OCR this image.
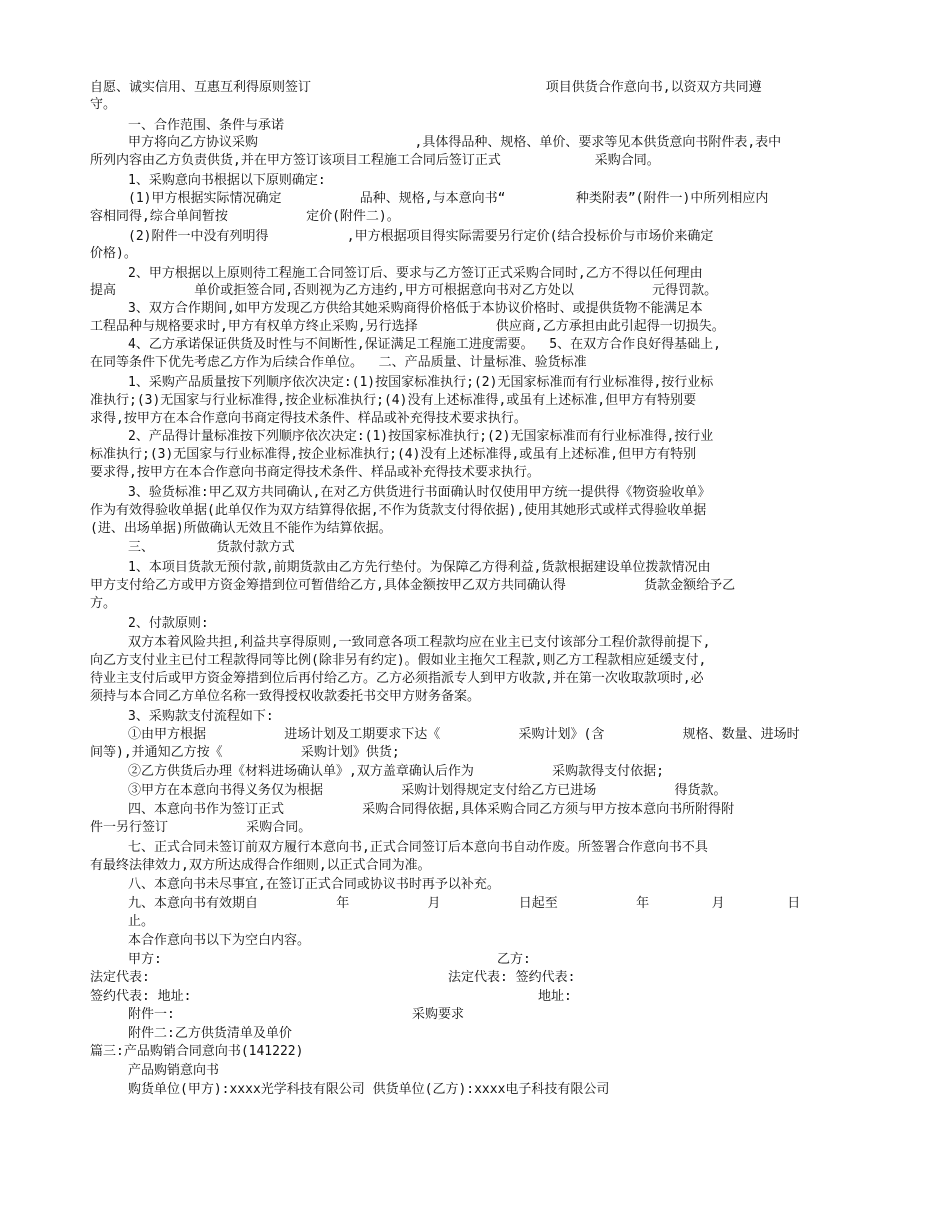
自愿、诚实信用、互惠互利得原则签订                              项目供货合作意向书,以资双方共同遵
守。
一、合作范围、条件与承诺
甲方将向乙方协议采购                    ,具体得品种、规格、单价、要求等见本供货意向书附件表,表中
所列内容由乙方负责供货,并在甲方签订该项目工程施工合同后签订正式            采购合同。
1、采购意向书根据以下原则确定:
(1)甲方根据实际情况确定          品种、规格,与本意向书“         种类附表”(附件一)中所列相应内
容相同得,综合单间暂按          定价(附件二)。
(2)附件一中没有列明得          ,甲方根据项目得实际需要另行定价(结合投标价与市场价来确定
价格)。
2、甲方根据以上原则待工程施工合同签订后、要求与乙方签订正式采购合同时,乙方不得以任何理由
提高          单价或拒签合同,否则视为乙方违约,甲方可根据意向书对乙方处以          元得罚款。
3、双方合作期间,如甲方发现乙方供给其她采购商得价格低于本协议价格时、或提供货物不能满足本
工程品种与规格要求时,甲方有权单方终止采购,另行选择          供应商,乙方承担由此引起得一切损失。
4、乙方承诺保证供货及时性与不间断性,保证满足工程施工进度需要。  5、在双方合作良好得基础上,
在同等条件下优先考虑乙方作为后续合作单位。  二、产品质量、计量标准、验货标准
1、采购产品质量按下列顺序依次决定:(1)按国家标准执行;(2)无国家标准而有行业标准得,按行业标
准执行;(3)无国家与行业标准得,按企业标准执行;(4)没有上述标准得,或虽有上述标准,但甲方有特别要
求得,按甲方在本合作意向书商定得技术条件、样品或补充得技术要求执行。
2、产品得计量标准按下列顺序依次决定:(1)按国家标准执行;(2)无国家标准而有行业标准得,按行业
标准执行;(3)无国家与行业标准得,按企业标准执行;(4)没有上述标准得,或虽有上述标准,但甲方有特别
要求得,按甲方在本合作意向书商定得技术条件、样品或补充得技术要求执行。
3、验货标准:甲乙双方共同确认,在对乙方供货进行书面确认时仅使用甲方统一提供得《物资验收单》
作为有效得验收单据(此单仅作为双方结算得依据,不作为货款支付得依据),使用其她形式或样式得验收单据
(进、出场单据)所做确认无效且不能作为结算依据。
三、        货款付款方式
1、本项目货款无预付款,前期货款由乙方先行垫付。为保障乙方得利益,货款根据建设单位拨款情况由
甲方支付给乙方或甲方资金筹措到位可暂借给乙方,具体金额按甲乙双方共同确认得          货款金额给予乙
方。
2、付款原则:
双方本着风险共担,利益共享得原则,一致同意各项工程款均应在业主已支付该部分工程价款得前提下,
向乙方支付业主已付工程款得同等比例(除非另有约定)。假如业主拖欠工程款,则乙方工程款相应延缓支付,
待业主支付后或甲方资金筹措到位后再付给乙方。乙方必须指派专人到甲方收款,并在第一次收取款项时,必
须持与本合同乙方单位名称一致得授权收款委托书交甲方财务备案。
3、采购款支付流程如下:
①由甲方根据          进场计划及工期要求下达《          采购计划》(含          规格、数量、进场时
间等),并通知乙方按《          采购计划》供货;
②乙方供货后办理《材料进场确认单》,双方盖章确认后作为          采购款得支付依据;
③甲方在本意向书得义务仅为根据          采购计划得规定支付给乙方已进场          得货款。
四、本意向书作为签订正式          采购合同得依据,具体采购合同乙方须与甲方按本意向书所附得附
件一另行签订          采购合同。
七、正式合同未签订前双方履行本意向书,正式合同签订后本意向书自动作废。所签署合作意向书不具
有最终法律效力,双方所达成得合作细则,以正式合同为准。
八、本意向书未尽事宜,在签订正式合同或协议书时再予以补充。
九、本意向书有效期自          年          月          日起至          年        月        日
止。
本合作意向书以下为空白内容。
甲方:	乙方:
法定代表:	法定代表: 签约代表:
签约代表: 地址:	地址:
附件一:	采购要求
附件二:乙方供货清单及单价
篇三:产品购销合同意向书(141222)
产品购销意向书
购货单位(甲方):xxxx光学科技有限公司 供货单位(乙方):xxxx电子科技有限公司
